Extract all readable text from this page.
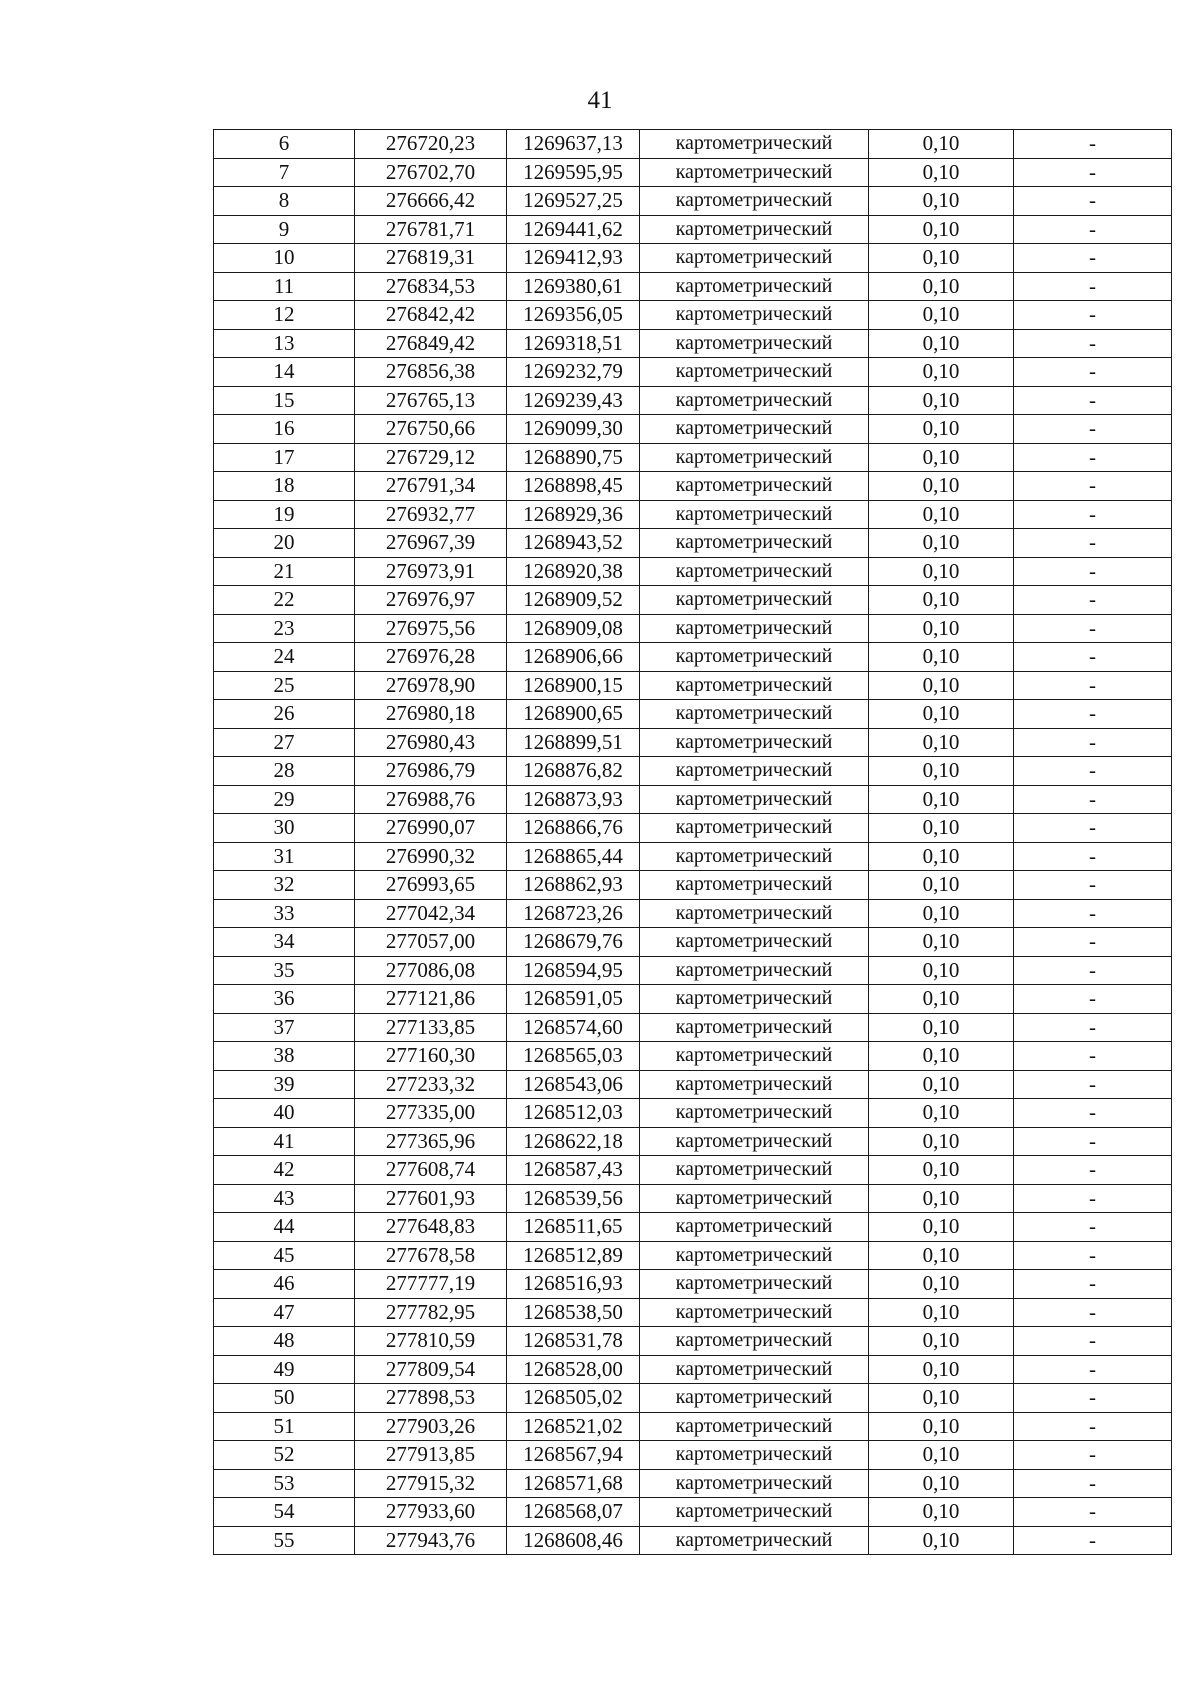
41
6	276720,23	1269637,13	картометрический	0,10	-
7	276702,70	1269595,95	картометрический	0,10	-
8	276666,42	1269527,25	картометрический	0,10	-
9	276781,71	1269441,62	картометрический	0,10	-
10	276819,31	1269412,93	картометрический	0,10	-
11	276834,53	1269380,61	картометрический	0,10	-
12	276842,42	1269356,05	картометрический	0,10	-
13	276849,42	1269318,51	картометрический	0,10	-
14	276856,38	1269232,79	картометрический	0,10	-
15	276765,13	1269239,43	картометрический	0,10	-
16	276750,66	1269099,30	картометрический	0,10	-
17	276729,12	1268890,75	картометрический	0,10	-
18	276791,34	1268898,45	картометрический	0,10	-
19	276932,77	1268929,36	картометрический	0,10	-
20	276967,39	1268943,52	картометрический	0,10	-
21	276973,91	1268920,38	картометрический	0,10	-
22	276976,97	1268909,52	картометрический	0,10	-
23	276975,56	1268909,08	картометрический	0,10	-
24	276976,28	1268906,66	картометрический	0,10	-
25	276978,90	1268900,15	картометрический	0,10	-
26	276980,18	1268900,65	картометрический	0,10	-
27	276980,43	1268899,51	картометрический	0,10	-
28	276986,79	1268876,82	картометрический	0,10	-
29	276988,76	1268873,93	картометрический	0,10	-
30	276990,07	1268866,76	картометрический	0,10	-
31	276990,32	1268865,44	картометрический	0,10	-
32	276993,65	1268862,93	картометрический	0,10	-
33	277042,34	1268723,26	картометрический	0,10	-
34	277057,00	1268679,76	картометрический	0,10	-
35	277086,08	1268594,95	картометрический	0,10	-
36	277121,86	1268591,05	картометрический	0,10	-
37	277133,85	1268574,60	картометрический	0,10	-
38	277160,30	1268565,03	картометрический	0,10	-
39	277233,32	1268543,06	картометрический	0,10	-
40	277335,00	1268512,03	картометрический	0,10	-
41	277365,96	1268622,18	картометрический	0,10	-
42	277608,74	1268587,43	картометрический	0,10	-
43	277601,93	1268539,56	картометрический	0,10	-
44	277648,83	1268511,65	картометрический	0,10	-
45	277678,58	1268512,89	картометрический	0,10	-
46	277777,19	1268516,93	картометрический	0,10	-
47	277782,95	1268538,50	картометрический	0,10	-
48	277810,59	1268531,78	картометрический	0,10	-
49	277809,54	1268528,00	картометрический	0,10	-
50	277898,53	1268505,02	картометрический	0,10	-
51	277903,26	1268521,02	картометрический	0,10	-
52	277913,85	1268567,94	картометрический	0,10	-
53	277915,32	1268571,68	картометрический	0,10	-
54	277933,60	1268568,07	картометрический	0,10	-
55	277943,76	1268608,46	картометрический	0,10	-
